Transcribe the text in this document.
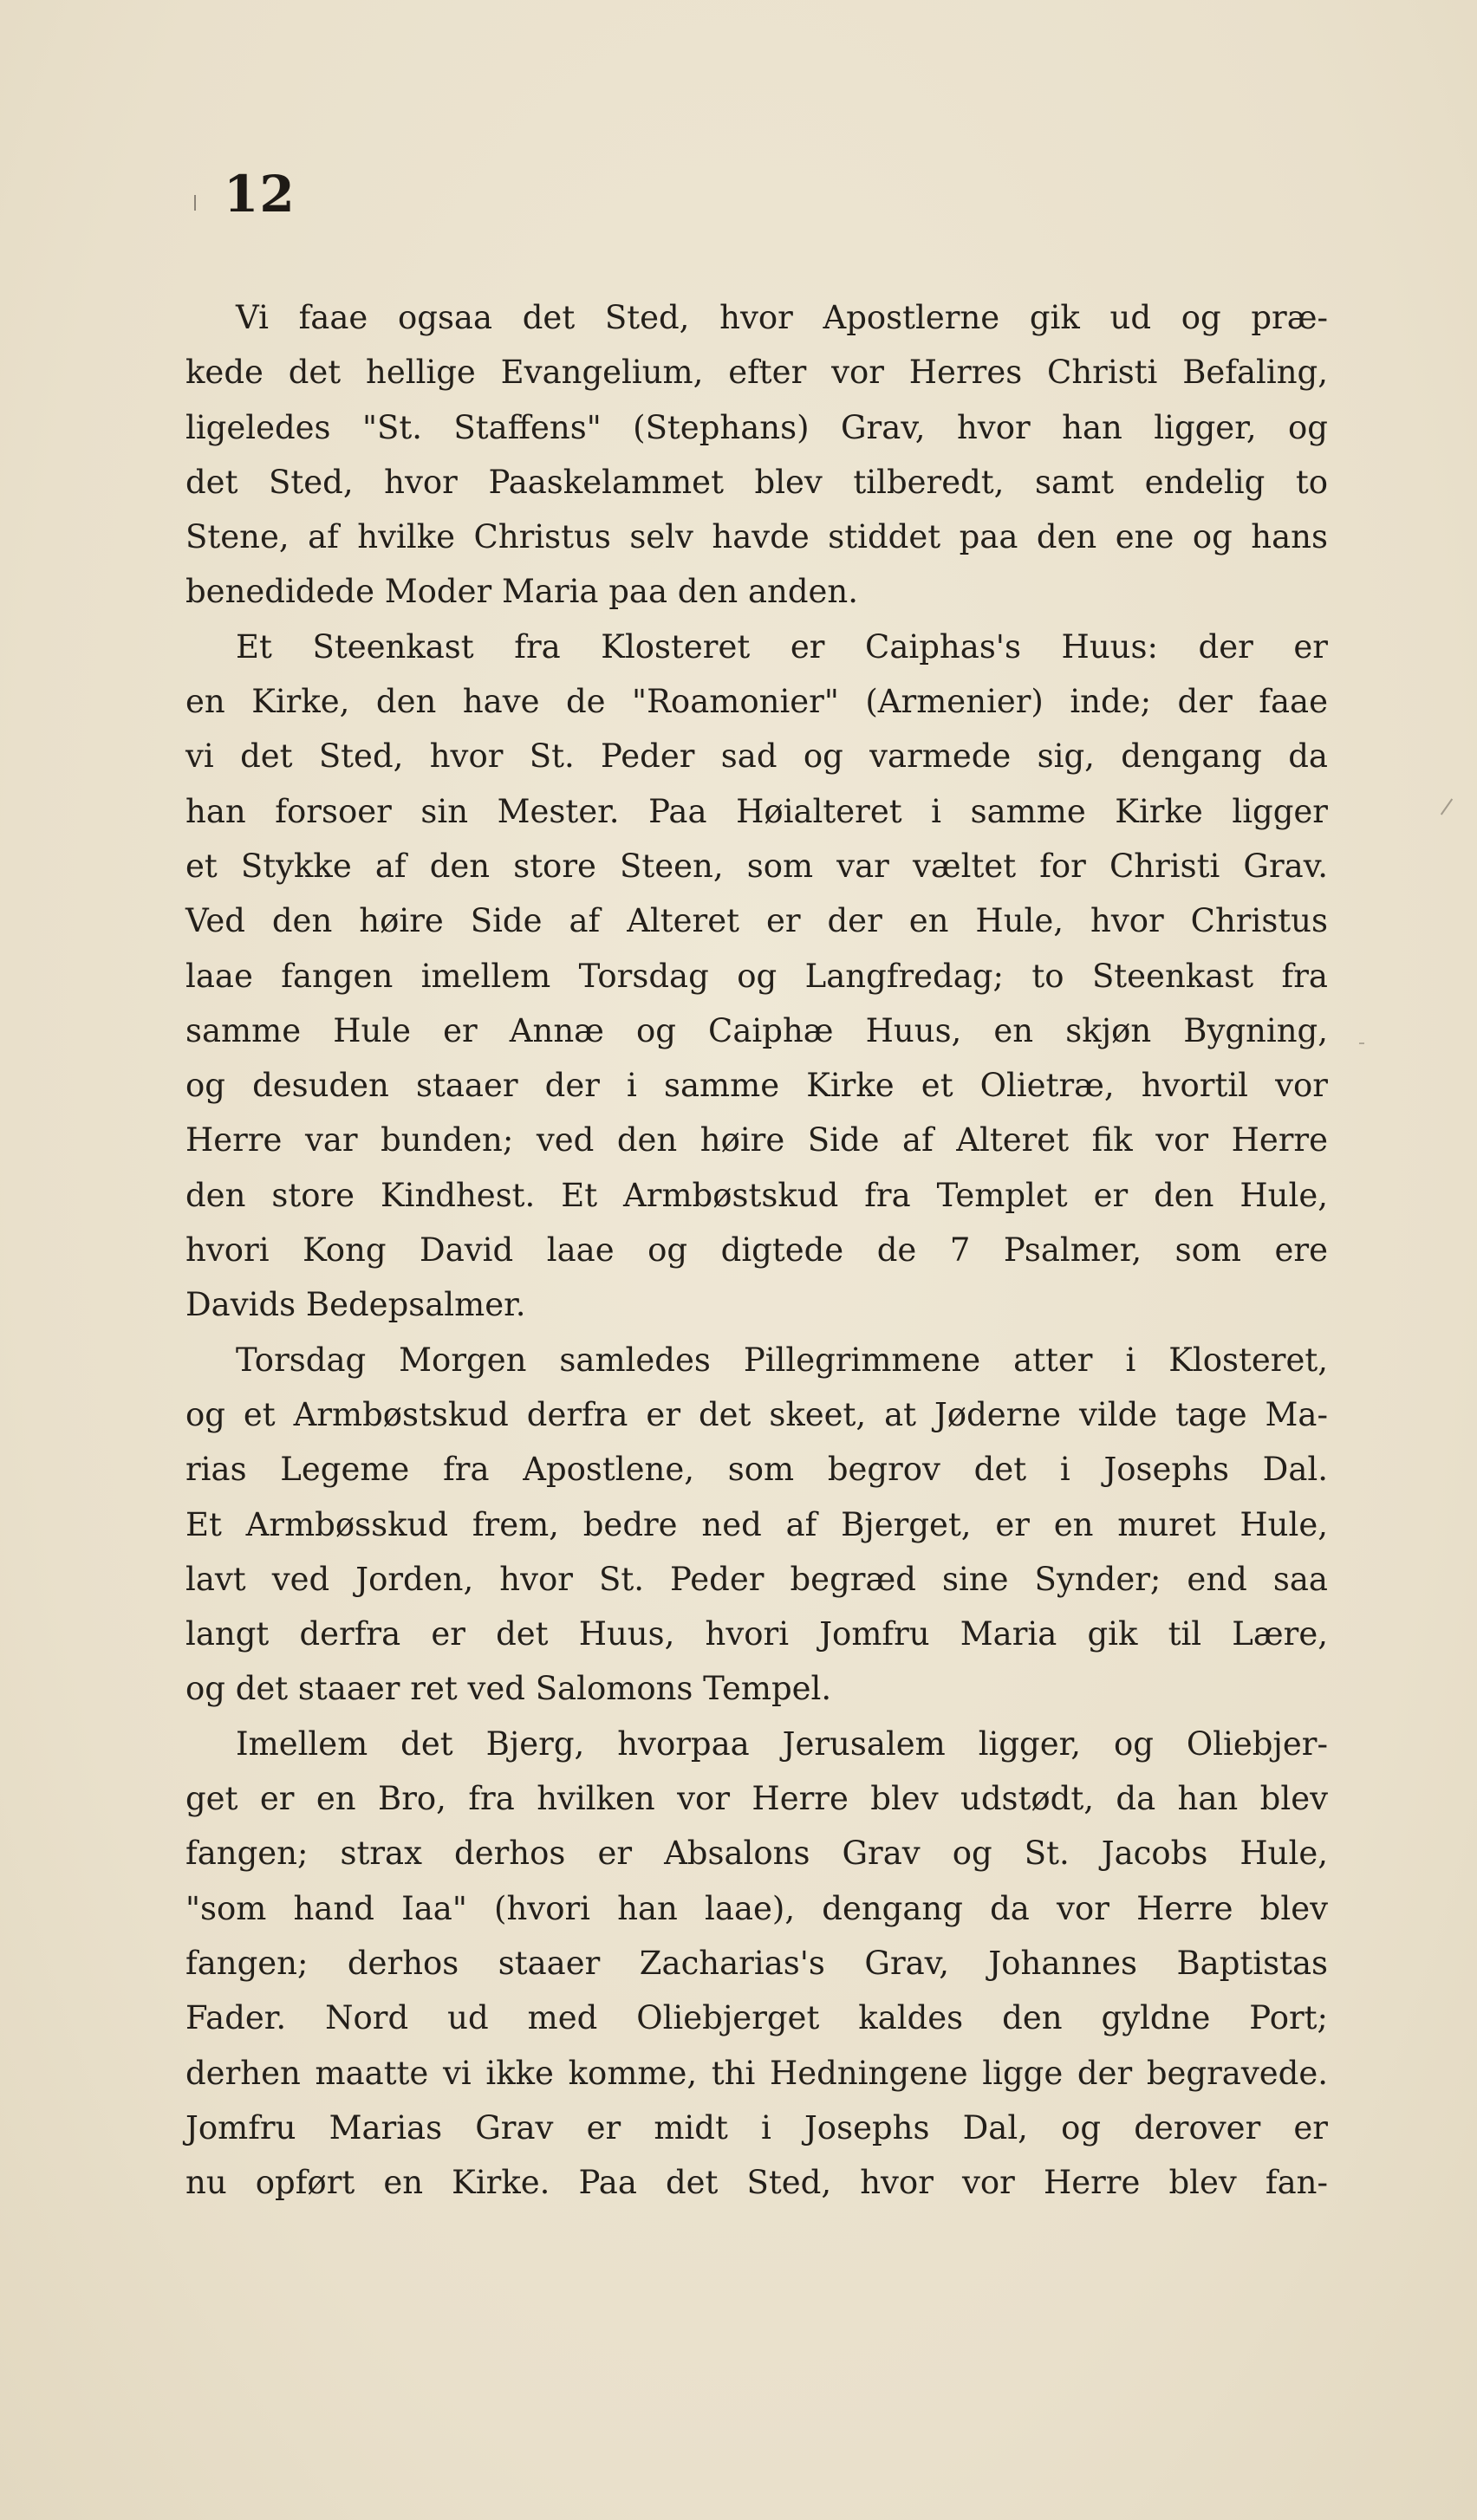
12
Vi faae ogsaa det Sted, hvor Apostlerne gik ud og præ-
kede det hellige Evangelium, efter vor Herres Christi Befaling,
ligeledes "St. Staffens" (Stephans) Grav, hvor han ligger, og
det Sted, hvor Paaskelammet blev tilberedt, samt endelig to
Stene, af hvilke Christus selv havde stiddet paa den ene og hans
benedidede Moder Maria paa den anden.
Et Steenkast fra Klosteret er Caiphas's Huus: der er
en Kirke, den have de "Roamonier" (Armenier) inde; der faae
vi det Sted, hvor St. Peder sad og varmede sig, dengang da
han forsoer sin Mester. Paa Høialteret i samme Kirke ligger
et Stykke af den store Steen, som var væltet for Christi Grav.
Ved den høire Side af Alteret er der en Hule, hvor Christus
laae fangen imellem Torsdag og Langfredag; to Steenkast fra
samme Hule er Annæ og Caiphæ Huus, en skjøn Bygning,
og desuden staaer der i samme Kirke et Olietræ, hvortil vor
Herre var bunden; ved den høire Side af Alteret fik vor Herre
den store Kindhest. Et Armbøstskud fra Templet er den Hule,
hvori Kong David laae og digtede de 7 Psalmer, som ere
Davids Bedepsalmer.
Torsdag Morgen samledes Pillegrimmene atter i Klosteret,
og et Armbøstskud derfra er det skeet, at Jøderne vilde tage Ma-
rias Legeme fra Apostlene, som begrov det i Josephs Dal.
Et Armbøsskud frem, bedre ned af Bjerget, er en muret Hule,
lavt ved Jorden, hvor St. Peder begræd sine Synder; end saa
langt derfra er det Huus, hvori Jomfru Maria gik til Lære,
og det staaer ret ved Salomons Tempel.
Imellem det Bjerg, hvorpaa Jerusalem ligger, og Oliebjer-
get er en Bro, fra hvilken vor Herre blev udstødt, da han blev
fangen; strax derhos er Absalons Grav og St. Jacobs Hule,
"som hand Iaa" (hvori han laae), dengang da vor Herre blev
fangen; derhos staaer Zacharias's Grav, Johannes Baptistas
Fader. Nord ud med Oliebjerget kaldes den gyldne Port;
derhen maatte vi ikke komme, thi Hedningene ligge der begravede.
Jomfru Marias Grav er midt i Josephs Dal, og derover er
nu opført en Kirke. Paa det Sted, hvor vor Herre blev fan-
